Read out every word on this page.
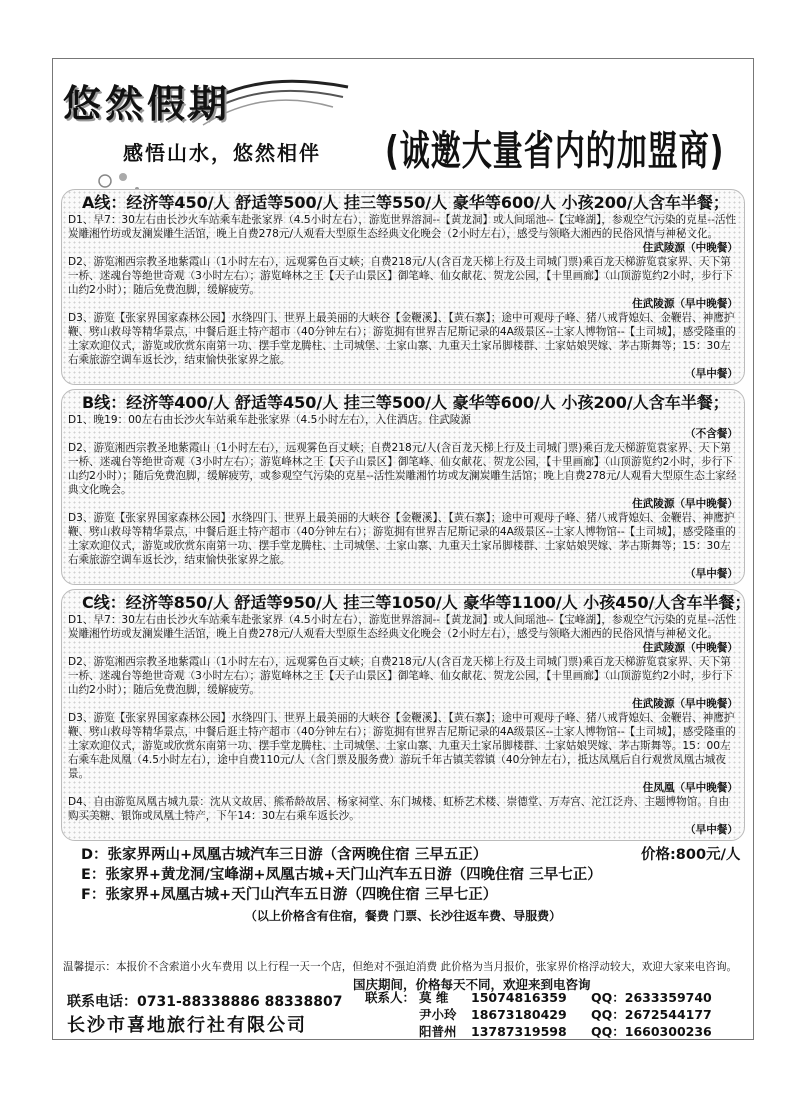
悠然假期
感悟山水，悠然相伴 (诚邀大量省内的加盟商)
A线：经济等450/人 舒适等500/人 挂三等550/人 豪华等600/人 小孩200/人含车半餐；

D1、早7：30左右由长沙火车站乘车赴张家界（4.5小时左右），游览世界溶洞--【黄龙洞】或人间瑶池--【宝峰湖】，参观空气污染的克星--活性炭雕湘竹坊或友澜炭雕生活馆，晚上自费278元/人观看大型原生态经典文化晚会（2小时左右），感受与领略大湘西的民俗风情与神秘文化。
住武陵源（中晚餐）

D2、游览湘西宗教圣地紫霞山（1小时左右），远观雾色百丈峡；自费218元/人(含百龙天梯上行及土司城门票)乘百龙天梯游览袁家界、天下第一桥、迷魂台等绝世奇观（3小时左右）；游览峰林之王【天子山景区】御笔峰、仙女献花、贺龙公园，【十里画廊】（山顶游览约2小时，步行下山约2小时）；随后免费泡脚，缓解疲劳。
住武陵源（早中晚餐）

D3、游览【张家界国家森林公园】水绕四门、世界上最美丽的大峡谷【金鞭溪】、【黄石寨】；途中可观母子峰、猪八戒背媳妇、金鞭岩、神鹰护鞭、劈山救母等精华景点，中餐后逛土特产超市（40分钟左右）；游览拥有世界吉尼斯记录的4A级景区--土家人博物馆--【土司城】，感受隆重的土家欢迎仪式，游览或欣赏东南第一功、摆手堂龙腾柱、土司城堡、土家山寨、九重天土家吊脚楼群、土家姑娘哭嫁、茅古斯舞等；15：30左右乘旅游空调车返长沙，结束愉快张家界之旅。
（早中餐）

B线：经济等400/人 舒适等450/人 挂三等500/人 豪华等600/人 小孩200/人含车半餐；

D1、晚19：00左右由长沙火车站乘车赴张家界（4.5小时左右），入住酒店。住武陵源
（不含餐）

D2、游览湘西宗教圣地紫霞山（1小时左右），远观雾色百丈峡；自费218元/人(含百龙天梯上行及土司城门票)乘百龙天梯游览袁家界、天下第一桥、迷魂台等绝世奇观（3小时左右）；游览峰林之王【天子山景区】御笔峰、仙女献花、贺龙公园，【十里画廊】（山顶游览约2小时，步行下山约2小时）；随后免费泡脚，缓解疲劳，或参观空气污染的克星--活性炭雕湘竹坊或友澜炭雕生活馆；晚上自费278元/人观看大型原生态土家经典文化晚会。
住武陵源（早中晚餐）

D3、游览【张家界国家森林公园】水绕四门、世界上最美丽的大峡谷【金鞭溪】、【黄石寨】；途中可观母子峰、猪八戒背媳妇、金鞭岩、神鹰护鞭、劈山救母等精华景点，中餐后逛土特产超市（40分钟左右）；游览拥有世界吉尼斯记录的4A级景区--土家人博物馆--【土司城】，感受隆重的土家欢迎仪式，游览或欣赏东南第一功、摆手堂龙腾柱、土司城堡、土家山寨、九重天土家吊脚楼群、土家姑娘哭嫁、茅古斯舞等；15：30左右乘旅游空调车返长沙，结束愉快张家界之旅。
（早中餐）

C线：经济等850/人 舒适等950/人 挂三等1050/人 豪华等1100/人 小孩450/人含车半餐；

D1、早7：30左右由长沙火车站乘车赴张家界（4.5小时左右），游览世界溶洞--【黄龙洞】或人间瑶池--【宝峰湖】，参观空气污染的克星--活性炭雕湘竹坊或友澜炭雕生活馆，晚上自费278元/人观看大型原生态经典文化晚会（2小时左右），感受与领略大湘西的民俗风情与神秘文化。
住武陵源（中晚餐）

D2、游览湘西宗教圣地紫霞山（1小时左右），远观雾色百丈峡；自费218元/人(含百龙天梯上行及土司城门票)乘百龙天梯游览袁家界、天下第一桥、迷魂台等绝世奇观（3小时左右）；游览峰林之王【天子山景区】御笔峰、仙女献花、贺龙公园，【十里画廊】（山顶游览约2小时，步行下山约2小时）；随后免费泡脚，缓解疲劳。
住武陵源（早中晚餐）

D3、游览【张家界国家森林公园】水绕四门、世界上最美丽的大峡谷【金鞭溪】、【黄石寨】；途中可观母子峰、猪八戒背媳妇、金鞭岩、神鹰护鞭、劈山救母等精华景点，中餐后逛土特产超市（40分钟左右）；游览拥有世界吉尼斯记录的4A级景区--土家人博物馆--【土司城】，感受隆重的土家欢迎仪式，游览或欣赏东南第一功、摆手堂龙腾柱、土司城堡、土家山寨、九重天土家吊脚楼群、土家姑娘哭嫁、茅古斯舞等。15：00左右乘车赴凤凰（4.5小时左右），途中自费110元/人（含门票及服务费）游玩千年古镇芙蓉镇（40分钟左右），抵达凤凰后自行观赏凤凰古城夜景。
住凤凰（早中晚餐）

D4、自由游览凤凰古城九景：沈从文故居、熊希龄故居、杨家祠堂、东门城楼、虹桥艺术楼、崇德堂、万寿宫、沱江泛舟、主题博物馆。自由购买美糖、银饰或凤凰土特产，下午14：30左右乘车返长沙。
（早中餐）

D：张家界两山+凤凰古城汽车三日游（含两晚住宿 三早五正）	价格:800元/人
E：张家界+黄龙洞/宝峰湖+凤凰古城+天门山汽车五日游（四晚住宿 三早七正）
F：张家界+凤凰古城+天门山汽车五日游（四晚住宿 三早七正）
（以上价格含有住宿，餐费 门票、长沙往返车费、导服费）
温馨提示：本报价不含索道小火车费用 以上行程一天一个店，但绝对不强迫消费 此价格为当月报价，张家界价格浮动较大，欢迎大家来电咨询。
国庆期间，价格每天不同，欢迎来到电咨询
联系电话：0731-88338886 88338807
长沙市喜地旅行社有限公司
联系人： 莫 维 15074816359 QQ：2633359740
尹小玲 18673180429 QQ：2672544177
阳普州 13787319598 QQ：1660300236
